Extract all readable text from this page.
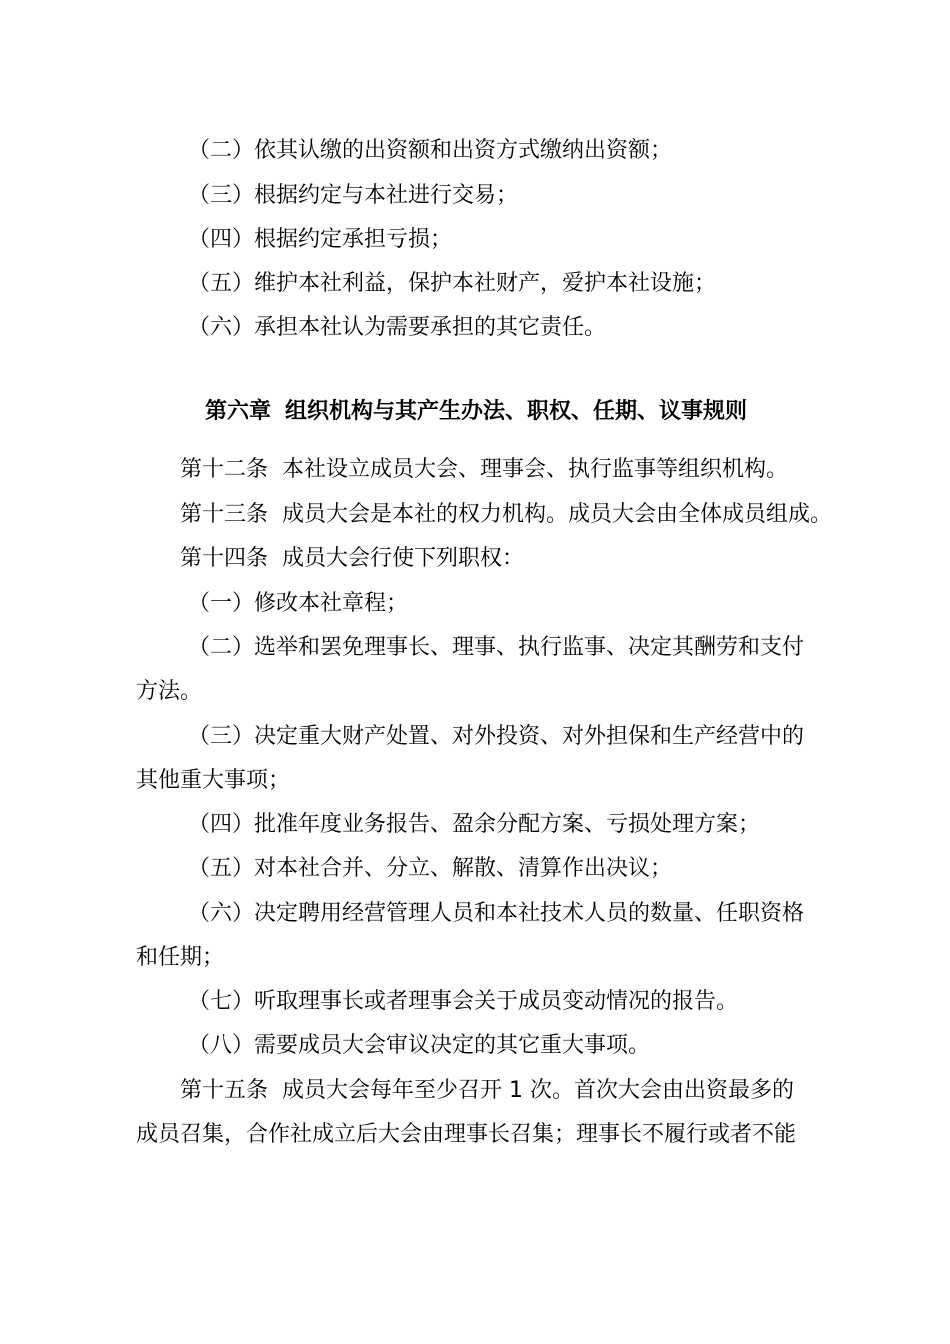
（二）依其认缴的出资额和出资方式缴纳出资额；
（三）根据约定与本社进行交易；
（四）根据约定承担亏损；
（五）维护本社利益，保护本社财产，爱护本社设施；
（六）承担本社认为需要承担的其它责任。
第六章 组织机构与其产生办法、职权、任期、议事规则
第十二条 本社设立成员大会、理事会、执行监事等组织机构。
第十三条 成员大会是本社的权力机构。成员大会由全体成员组成。
第十四条 成员大会行使下列职权：
（一）修改本社章程；
（二）选举和罢免理事长、理事、执行监事、决定其酬劳和支付
方法。
（三）决定重大财产处置、对外投资、对外担保和生产经营中的
其他重大事项；
（四）批准年度业务报告、盈余分配方案、亏损处理方案；
（五）对本社合并、分立、解散、清算作出决议；
（六）决定聘用经营管理人员和本社技术人员的数量、任职资格
和任期；
（七）听取理事长或者理事会关于成员变动情况的报告。
（八）需要成员大会审议决定的其它重大事项。
第十五条 成员大会每年至少召开 1 次。首次大会由出资最多的
成员召集，合作社成立后大会由理事长召集；理事长不履行或者不能
